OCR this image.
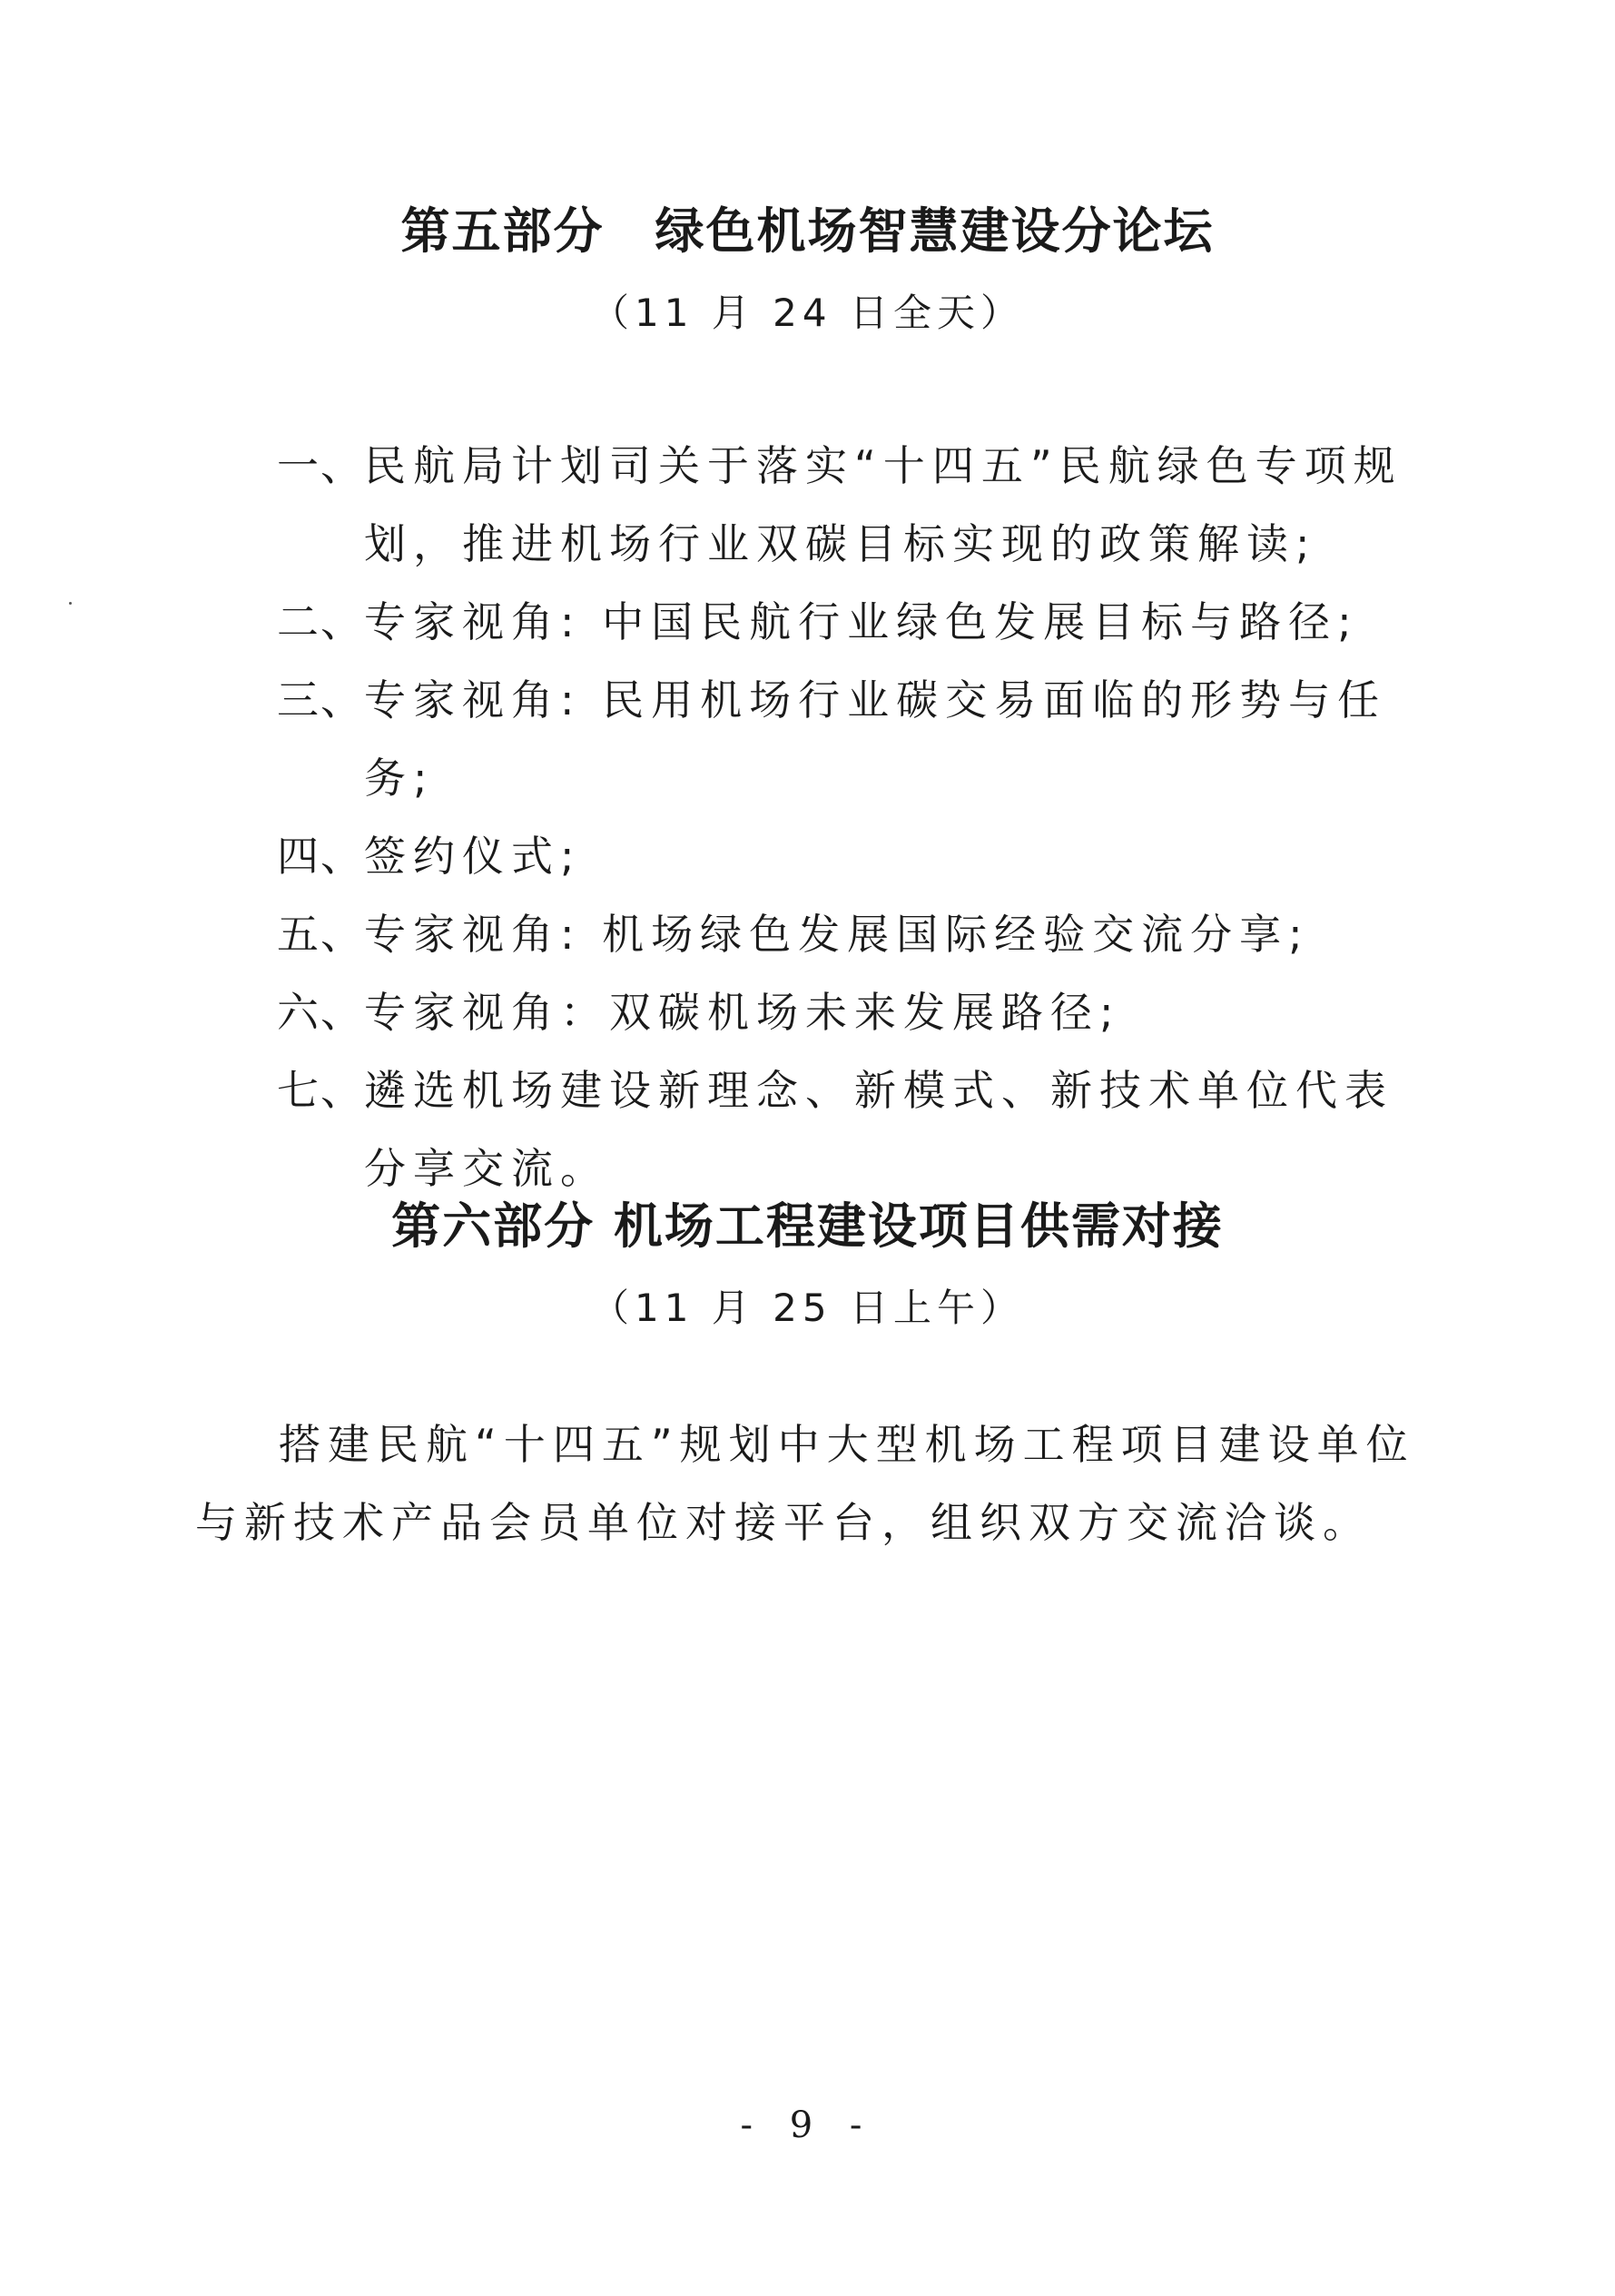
第五部分　绿色机场智慧建设分论坛
（11 月 24 日全天）
一、 民航局计划司关于落实“十四五”民航绿色专项规划，推进机场行业双碳目标实现的政策解读;
二、 专家视角: 中国民航行业绿色发展目标与路径;
三、 专家视角: 民用机场行业碳交易面临的形势与任务;
四、 签约仪式;
五、 专家视角: 机场绿色发展国际经验交流分享;
六、 专家视角：双碳机场未来发展路径;
七、 遴选机场建设新理念、新模式、新技术单位代表分享交流。
第六部分 机场工程建设项目供需对接
（11 月 25 日上午）
搭建民航“十四五”规划中大型机场工程项目建设单位与新技术产品会员单位对接平台，组织双方交流洽谈。
- 9 -
